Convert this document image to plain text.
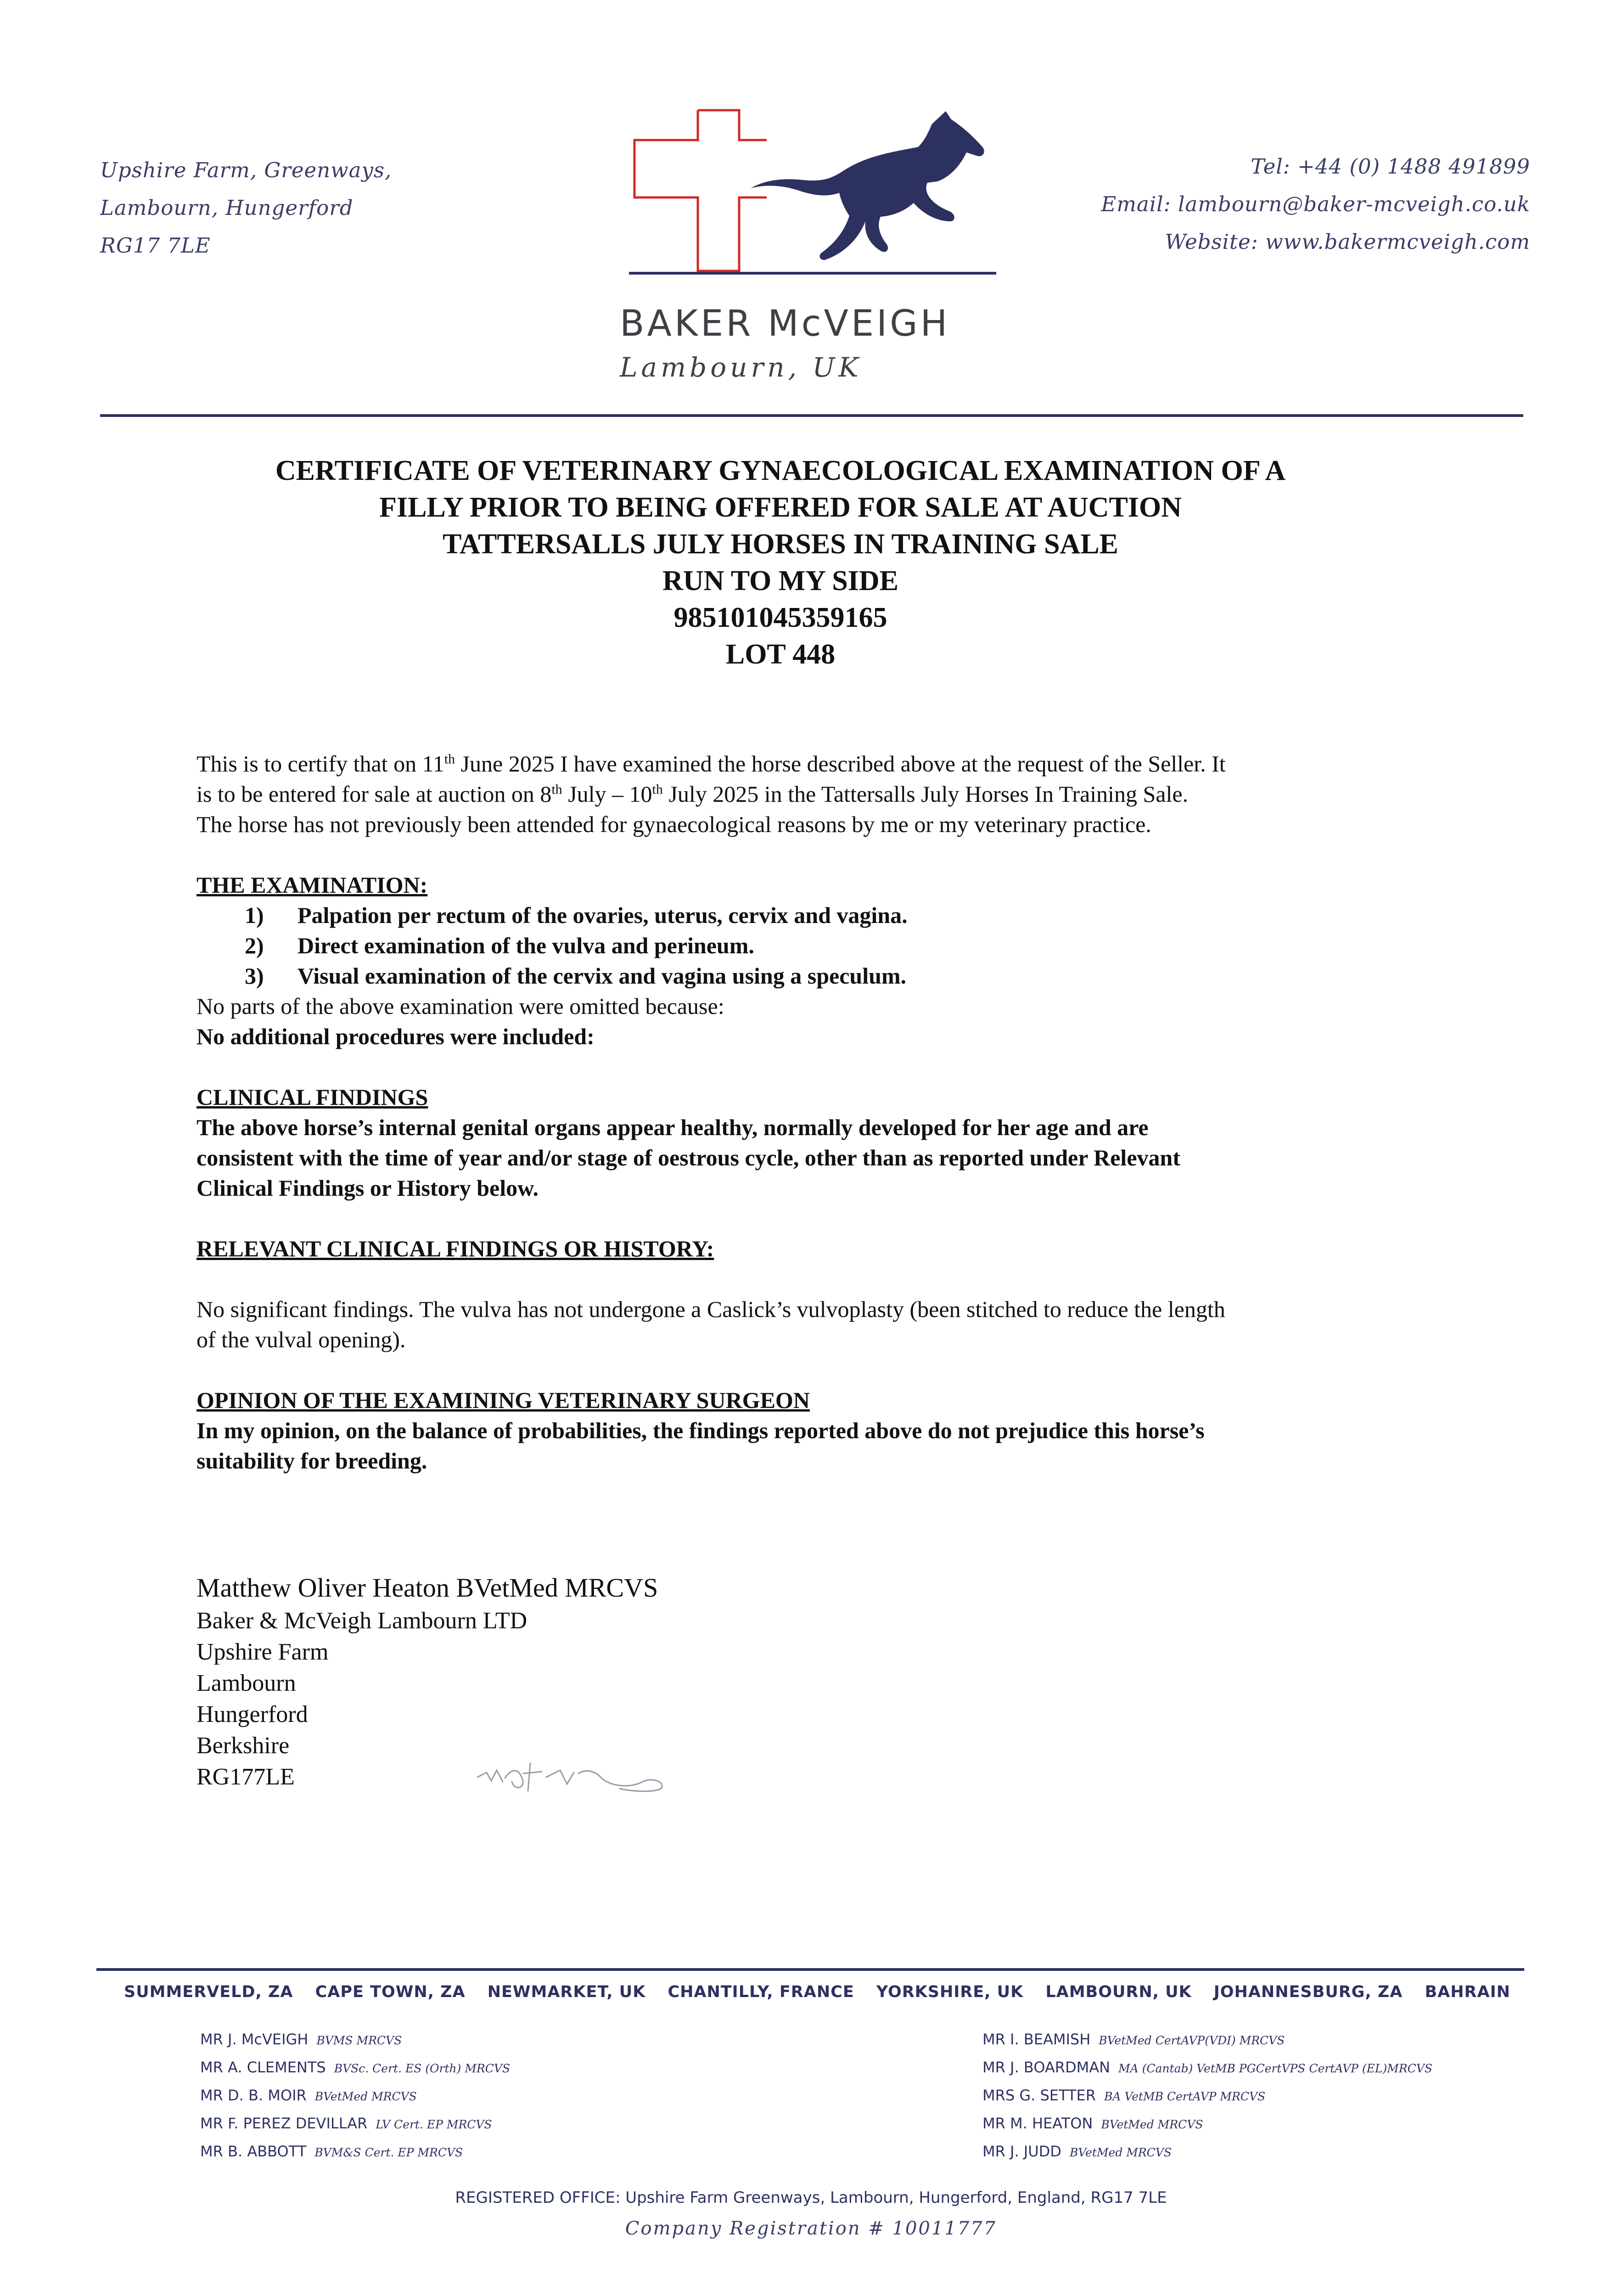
Upshire Farm, Greenways,
Lambourn, Hungerford
RG17 7LE
Tel: +44 (0) 1488 491899
Email: lambourn@baker-mcveigh.co.uk
Website: www.bakermcveigh.com
BAKER McVEIGH
Lambourn, UK
CERTIFICATE OF VETERINARY GYNAECOLOGICAL EXAMINATION OF A
FILLY PRIOR TO BEING OFFERED FOR SALE AT AUCTION
TATTERSALLS JULY HORSES IN TRAINING SALE
RUN TO MY SIDE
985101045359165
LOT 448

This is to certify that on 11th June 2025 I have examined the horse described above at the request of the Seller. It
is to be entered for sale at auction on 8th July – 10th July 2025 in the Tattersalls July Horses In Training Sale.
The horse has not previously been attended for gynaecological reasons by me or my veterinary practice.

THE EXAMINATION:

1)	Palpation per rectum of the ovaries, uterus, cervix and vagina.
2)	Direct examination of the vulva and perineum.
3)	Visual examination of the cervix and vagina using a speculum.

No parts of the above examination were omitted because:

No additional procedures were included:

CLINICAL FINDINGS

The above horse’s internal genital organs appear healthy, normally developed for her age and are
consistent with the time of year and/or stage of oestrous cycle, other than as reported under Relevant
Clinical Findings or History below.

RELEVANT CLINICAL FINDINGS OR HISTORY:

No significant findings. The vulva has not undergone a Caslick’s vulvoplasty (been stitched to reduce the length
of the vulval opening).

OPINION OF THE EXAMINING VETERINARY SURGEON

In my opinion, on the balance of probabilities, the findings reported above do not prejudice this horse’s
suitability for breeding.

Matthew Oliver Heaton BVetMed MRCVS
Baker & McVeigh Lambourn LTD
Upshire Farm
Lambourn
Hungerford
Berkshire
RG177LE
SUMMERVELD, ZA CAPE TOWN, ZA NEWMARKET, UK CHANTILLY, FRANCE YORKSHIRE, UK LAMBOURN, UK JOHANNESBURG, ZA BAHRAIN
MR J. McVEIGH BVMS MRCVS
MR A. CLEMENTS BVSc. Cert. ES (Orth) MRCVS
MR D. B. MOIR BVetMed MRCVS
MR F. PEREZ DEVILLAR LV Cert. EP MRCVS
MR B. ABBOTT BVM&S Cert. EP MRCVS
MR I. BEAMISH BVetMed CertAVP(VDI) MRCVS
MR J. BOARDMAN MA (Cantab) VetMB PGCertVPS CertAVP (EL)MRCVS
MRS G. SETTER BA VetMB CertAVP MRCVS
MR M. HEATON BVetMed MRCVS
MR J. JUDD BVetMed MRCVS
REGISTERED OFFICE: Upshire Farm Greenways, Lambourn, Hungerford, England, RG17 7LE
Company Registration # 10011777
